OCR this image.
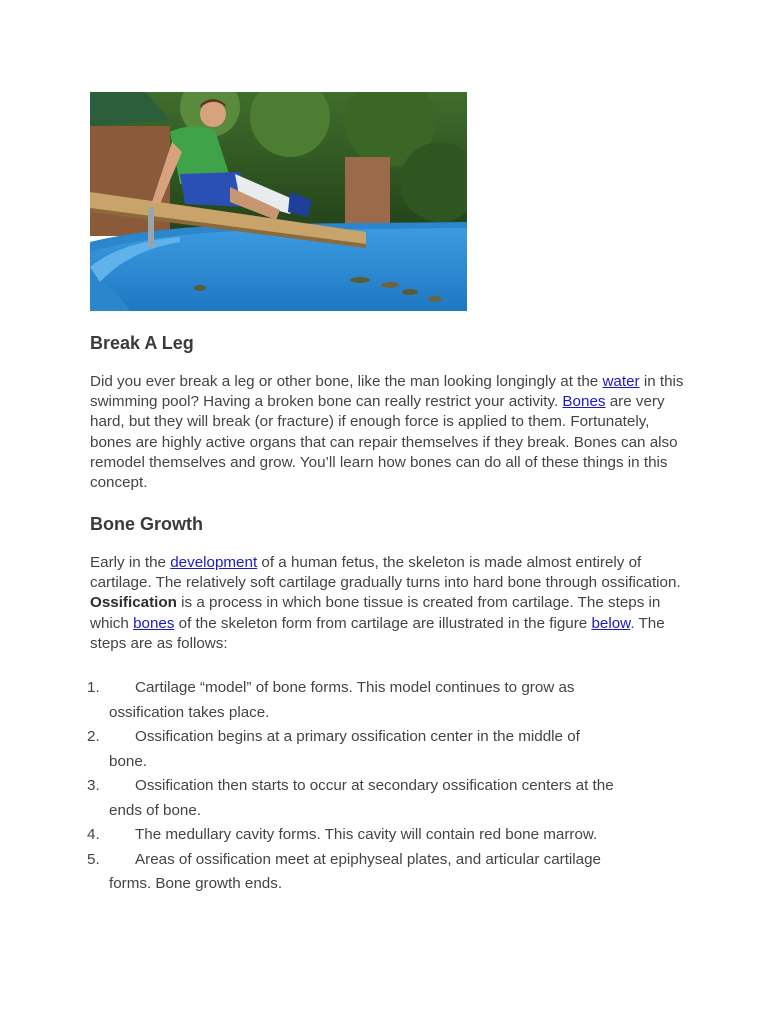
Break A Leg

Did you ever break a leg or other bone, like the man looking longingly at the water in this swimming pool? Having a broken bone can really restrict your activity. Bones are very hard, but they will break (or fracture) if enough force is applied to them. Fortunately, bones are highly active organs that can repair themselves if they break. Bones can also remodel themselves and grow. You’ll learn how bones can do all of these things in this concept.

Bone Growth

Early in the development of a human fetus, the skeleton is made almost entirely of cartilage. The relatively soft cartilage gradually turns into hard bone through ossification. Ossification is a process in which bone tissue is created from cartilage. The steps in which bones of the skeleton form from cartilage are illustrated in the figure below. The steps are as follows:

1. Cartilage “model” of bone forms. This model continues to grow as
ossification takes place.
2. Ossification begins at a primary ossification center in the middle of
bone.
3. Ossification then starts to occur at secondary ossification centers at the
ends of bone.
4. The medullary cavity forms. This cavity will contain red bone marrow.
5. Areas of ossification meet at epiphyseal plates, and articular cartilage
forms. Bone growth ends.
